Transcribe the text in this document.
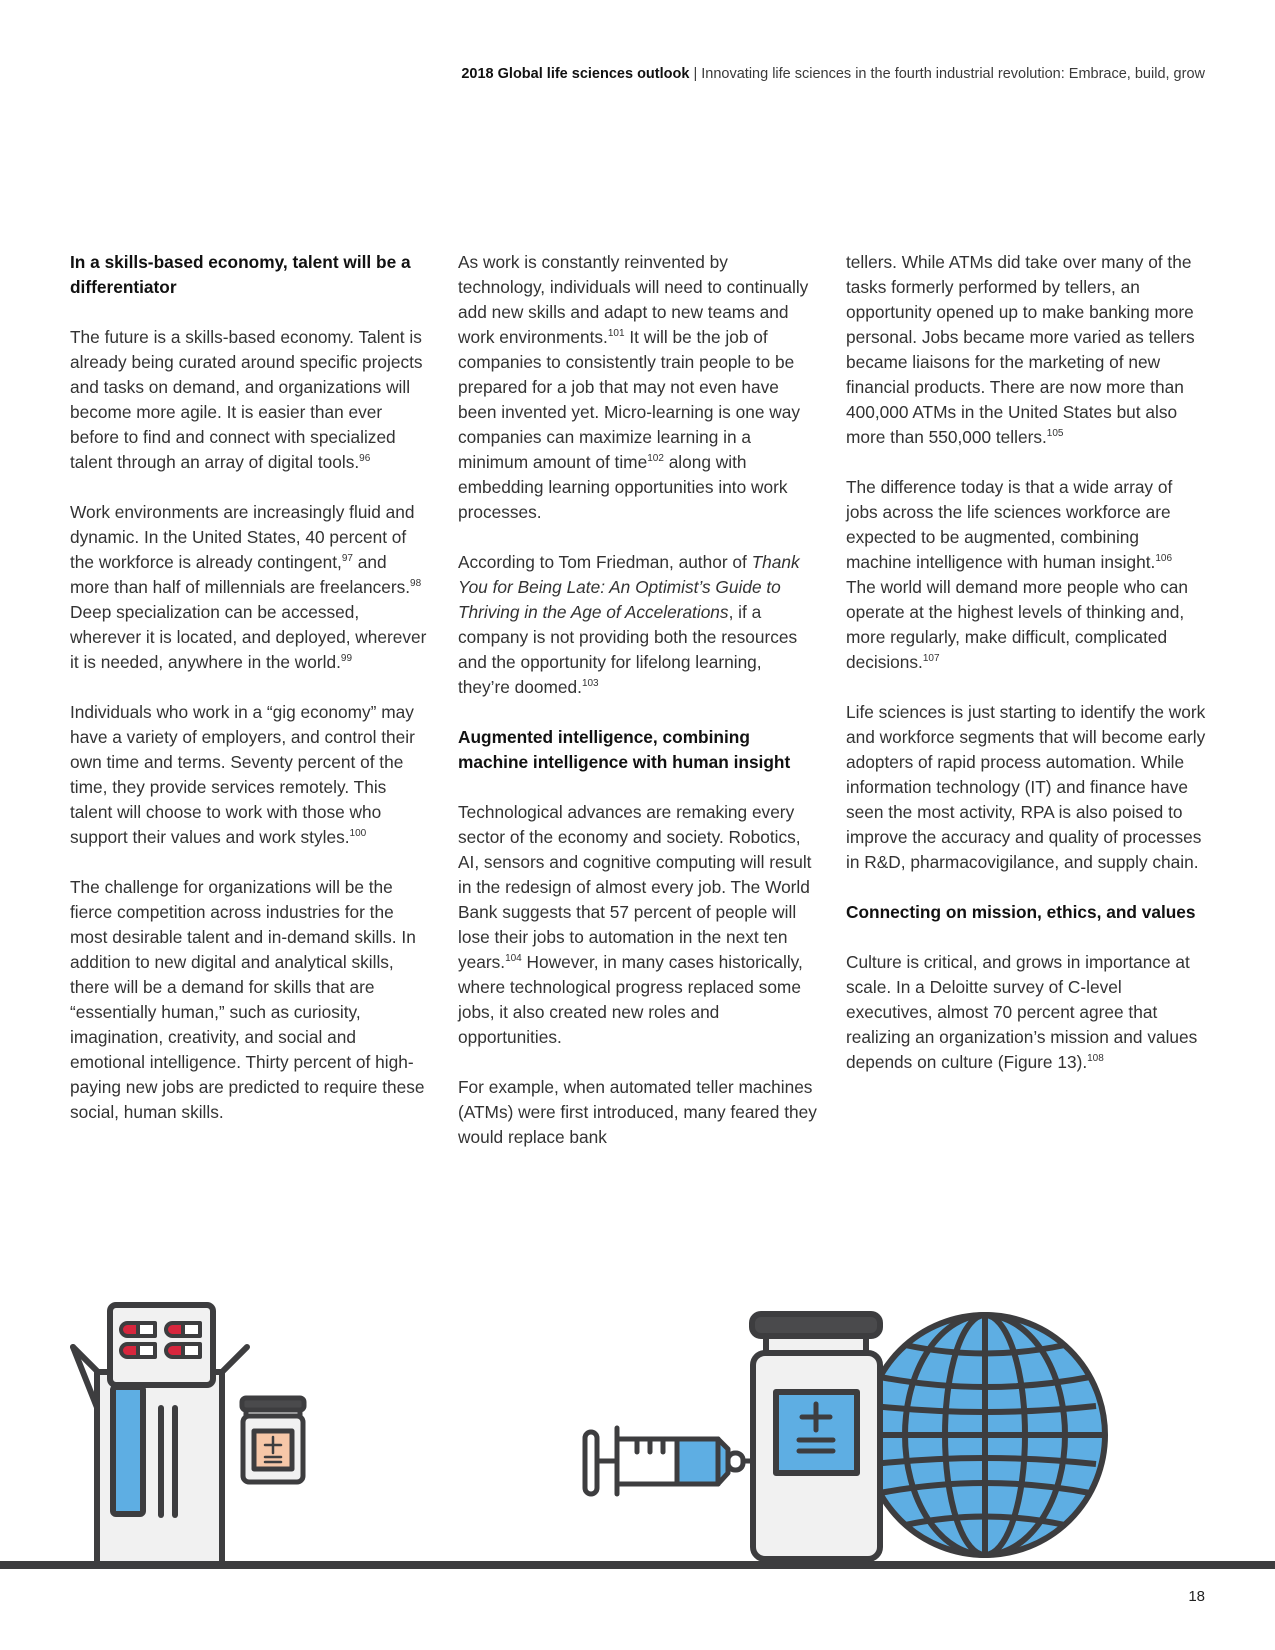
2018 Global life sciences outlook | Innovating life sciences in the fourth industrial revolution: Embrace, build, grow
In a skills-based economy, talent will be a differentiator

The future is a skills-based economy. Talent is already being curated around specific projects and tasks on demand, and organizations will become more agile. It is easier than ever before to find and connect with specialized talent through an array of digital tools.$^{96}$

Work environments are increasingly fluid and dynamic. In the United States, 40 percent of the workforce is already contingent,$^{97}$ and more than half of millennials are freelancers.$^{98}$ Deep specialization can be accessed, wherever it is located, and deployed, wherever it is needed, anywhere in the world.$^{99}$

Individuals who work in a “gig economy” may have a variety of employers, and control their own time and terms. Seventy percent of the time, they provide services remotely. This talent will choose to work with those who support their values and work styles.$^{100}$

The challenge for organizations will be the fierce competition across industries for the most desirable talent and in-demand skills. In addition to new digital and analytical skills, there will be a demand for skills that are “essentially human,” such as curiosity, imagination, creativity, and social and emotional intelligence. Thirty percent of high-paying new jobs are predicted to require these social, human skills.

As work is constantly reinvented by technology, individuals will need to continually add new skills and adapt to new teams and work environments.$^{101}$ It will be the job of companies to consistently train people to be prepared for a job that may not even have been invented yet. Micro-learning is one way companies can maximize learning in a minimum amount of time$^{102}$ along with embedding learning opportunities into work processes.

According to Tom Friedman, author of Thank You for Being Late: An Optimist’s Guide to Thriving in the Age of Accelerations, if a company is not providing both the resources and the opportunity for lifelong learning, they’re doomed.$^{103}$

Augmented intelligence, combining machine intelligence with human insight

Technological advances are remaking every sector of the economy and society. Robotics, AI, sensors and cognitive computing will result in the redesign of almost every job. The World Bank suggests that 57 percent of people will lose their jobs to automation in the next ten years.$^{104}$ However, in many cases historically, where technological progress replaced some jobs, it also created new roles and opportunities.

For example, when automated teller machines (ATMs) were first introduced, many feared they would replace bank

tellers. While ATMs did take over many of the tasks formerly performed by tellers, an opportunity opened up to make banking more personal. Jobs became more varied as tellers became liaisons for the marketing of new financial products. There are now more than 400,000 ATMs in the United States but also more than 550,000 tellers.$^{105}$

The difference today is that a wide array of jobs across the life sciences workforce are expected to be augmented, combining machine intelligence with human insight.$^{106}$ The world will demand more people who can operate at the highest levels of thinking and, more regularly, make difficult, complicated decisions.$^{107}$

Life sciences is just starting to identify the work and workforce segments that will become early adopters of rapid process automation. While information technology (IT) and finance have seen the most activity, RPA is also poised to improve the accuracy and quality of processes in R&D, pharmacovigilance, and supply chain.

Connecting on mission, ethics, and values

Culture is critical, and grows in importance at scale. In a Deloitte survey of C-level executives, almost 70 percent agree that realizing an organization’s mission and values depends on culture (Figure 13).$^{108}$

18
